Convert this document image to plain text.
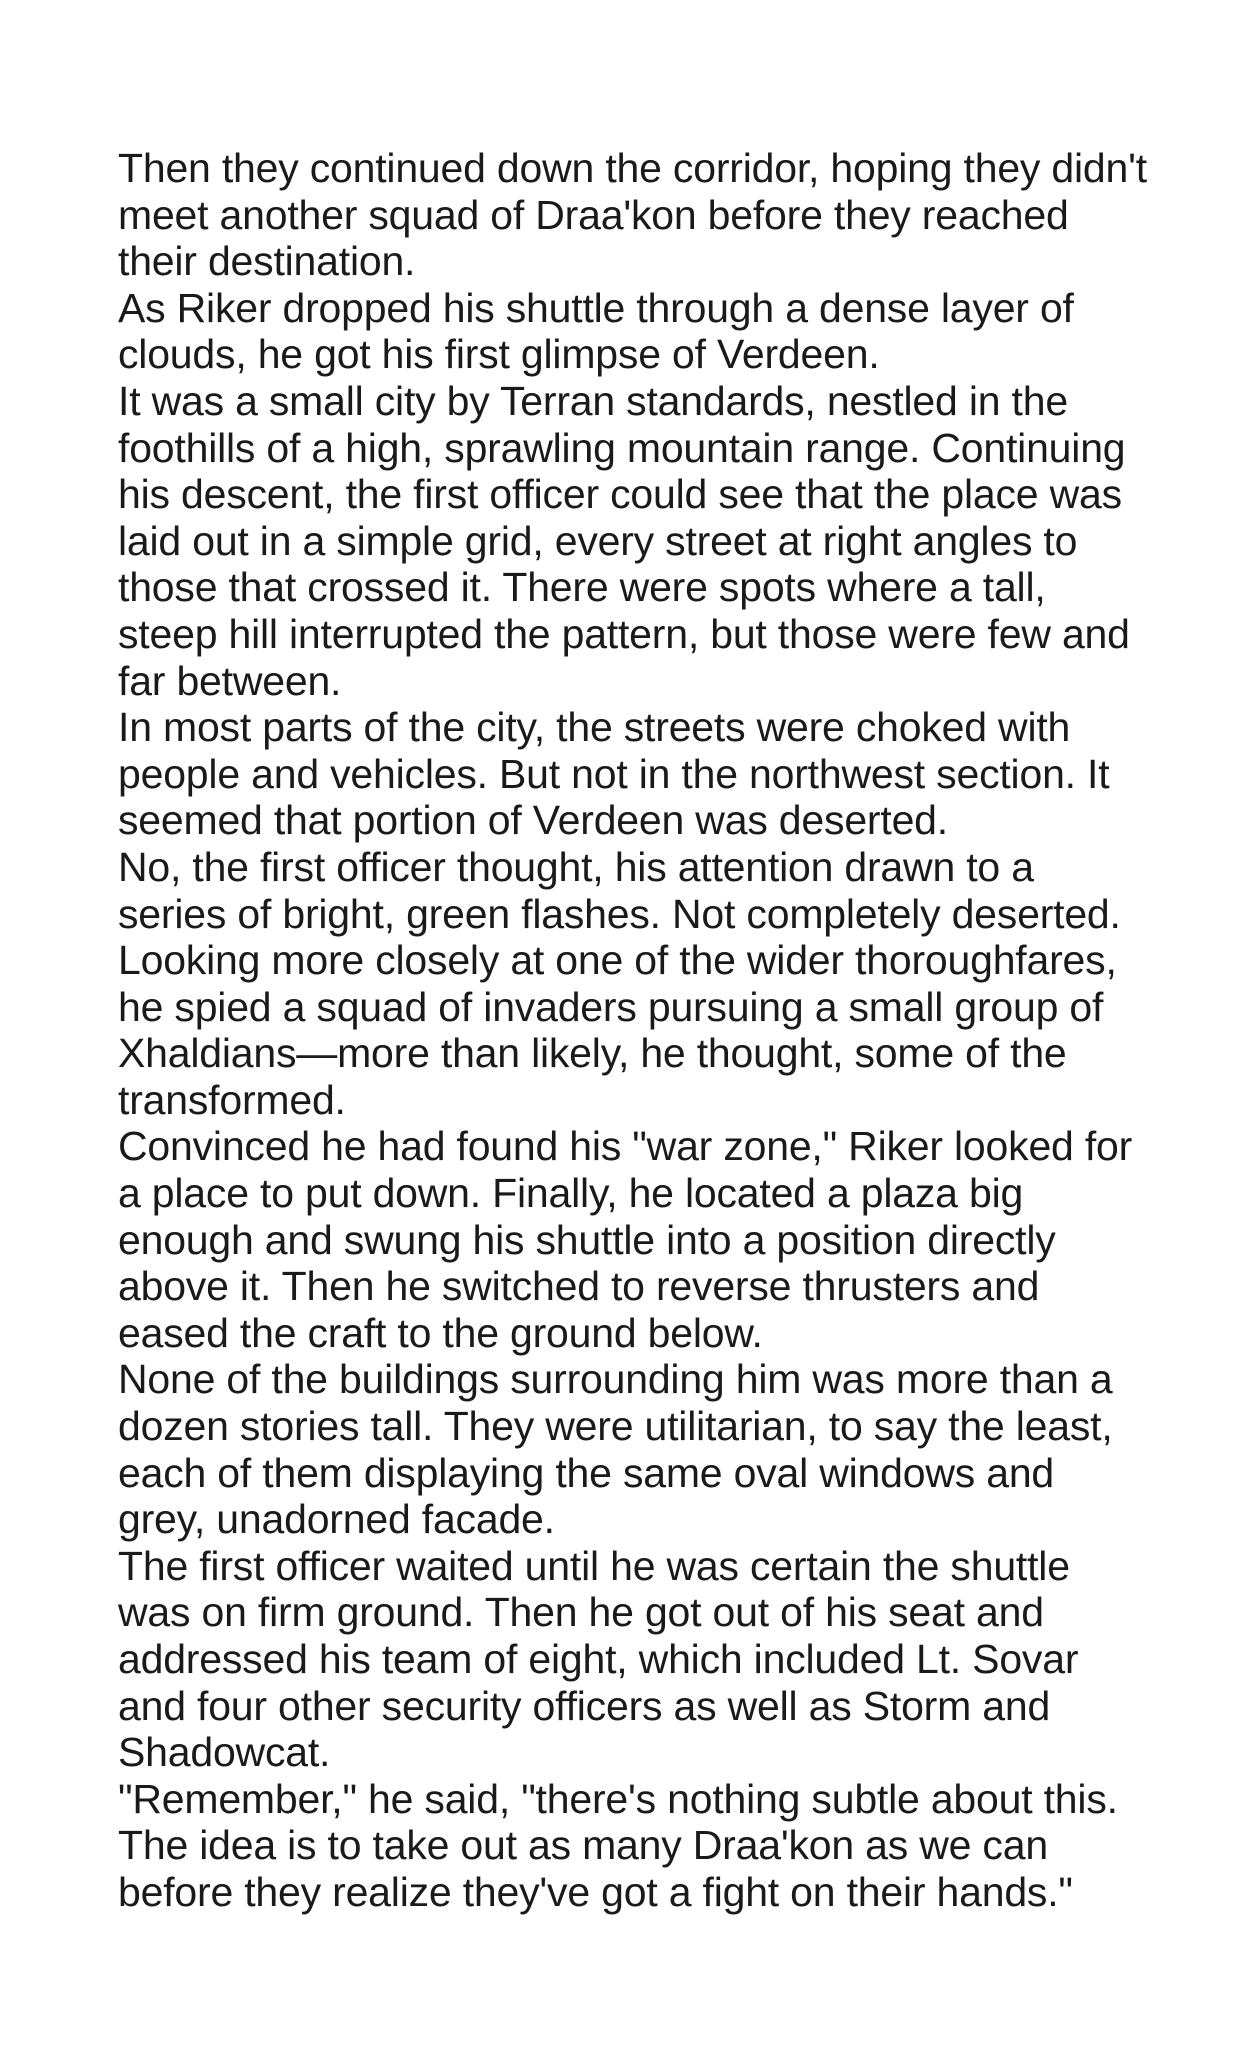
Then they continued down the corridor, hoping they didn't meet another squad of Draa'kon before they reached their destination.

As Riker dropped his shuttle through a dense layer of clouds, he got his first glimpse of Verdeen.

It was a small city by Terran standards, nestled in the foothills of a high, sprawling mountain range. Continuing his descent, the first officer could see that the place was laid out in a simple grid, every street at right angles to those that crossed it. There were spots where a tall, steep hill interrupted the pattern, but those were few and far between.

In most parts of the city, the streets were choked with people and vehicles. But not in the northwest section. It seemed that portion of Verdeen was deserted.

No, the first officer thought, his attention drawn to a series of bright, green flashes. Not completely deserted.

Looking more closely at one of the wider thoroughfares, he spied a squad of invaders pursuing a small group of Xhaldians—more than likely, he thought, some of the transformed.

Convinced he had found his "war zone," Riker looked for a place to put down. Finally, he located a plaza big enough and swung his shuttle into a position directly above it. Then he switched to reverse thrusters and eased the craft to the ground below.

None of the buildings surrounding him was more than a dozen stories tall. They were utilitarian, to say the least, each of them displaying the same oval windows and grey, unadorned facade.

The first officer waited until he was certain the shuttle was on firm ground. Then he got out of his seat and addressed his team of eight, which included Lt. Sovar and four other security officers as well as Storm and Shadowcat.

"Remember," he said, "there's nothing subtle about this. The idea is to take out as many Draa'kon as we can before they realize they've got a fight on their hands."
